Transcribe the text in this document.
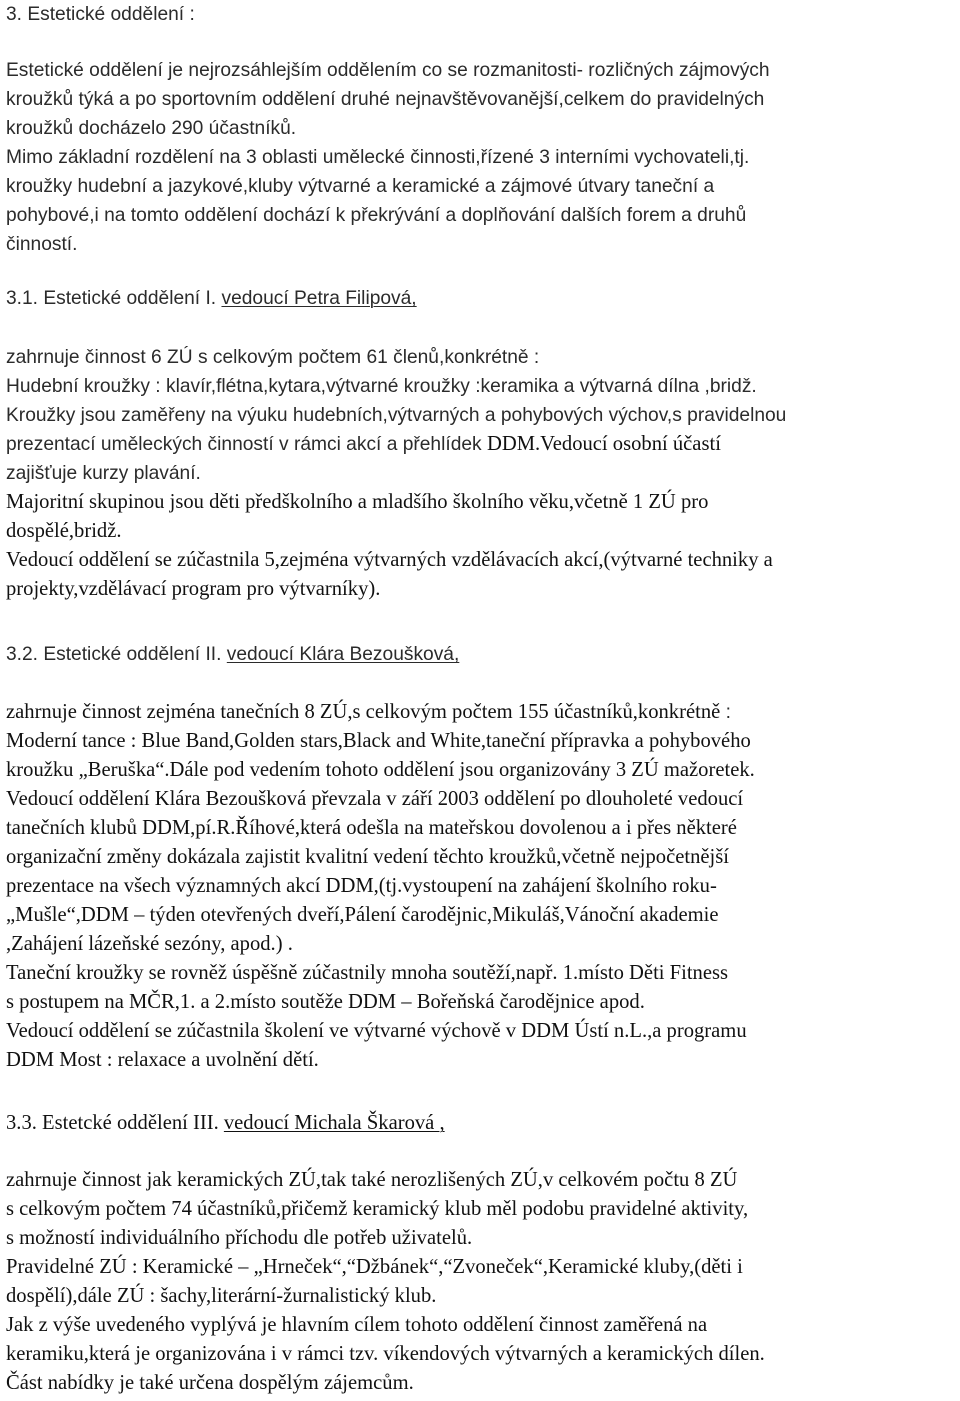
3. Estetické oddělení :
Estetické oddělení je nejrozsáhlejším oddělením co se rozmanitosti- rozličných zájmových
kroužků týká a po sportovním oddělení druhé nejnavštěvovanější,celkem do pravidelných
kroužků docházelo 290 účastníků.
Mimo základní rozdělení na 3 oblasti umělecké činnosti,řízené 3 interními vychovateli,tj.
kroužky hudební a jazykové,kluby výtvarné a keramické a zájmové útvary taneční a
pohybové,i na tomto oddělení dochází k překrývání a doplňování dalších forem a druhů
činností.
3.1. Estetické oddělení I. vedoucí Petra Filipová,
zahrnuje činnost 6 ZÚ s celkovým počtem 61 členů,konkrétně :
Hudební kroužky : klavír,flétna,kytara,výtvarné kroužky :keramika a výtvarná dílna ,bridž.
Kroužky jsou zaměřeny na výuku hudebních,výtvarných a pohybových výchov,s pravidelnou
prezentací uměleckých činností v rámci akcí a přehlídek DDM.Vedoucí osobní účastí
zajišťuje kurzy plavání.
Majoritní skupinou jsou děti předškolního a mladšího školního věku,včetně 1 ZÚ pro
dospělé,bridž.
Vedoucí oddělení se zúčastnila 5,zejména výtvarných vzdělávacích akcí,(výtvarné techniky a
projekty,vzdělávací program pro výtvarníky).
3.2. Estetické oddělení II. vedoucí Klára Bezoušková,
zahrnuje činnost zejména tanečních 8 ZÚ,s celkovým počtem 155 účastníků,konkrétně :
Moderní tance : Blue Band,Golden stars,Black and White,taneční přípravka a pohybového
kroužku „Beruška“.Dále pod vedením tohoto oddělení jsou organizovány 3 ZÚ mažoretek.
Vedoucí oddělení Klára Bezoušková převzala v září 2003 oddělení po dlouholeté vedoucí
tanečních klubů DDM,pí.R.Říhové,která odešla na mateřskou dovolenou a i přes některé
organizační změny dokázala zajistit kvalitní vedení těchto kroužků,včetně nejpočetnější
prezentace na všech významných akcí DDM,(tj.vystoupení na zahájení školního roku-
„Mušle“,DDM – týden otevřených dveří,Pálení čarodějnic,Mikuláš,Vánoční akademie
,Zahájení lázeňské sezóny, apod.) .
Taneční kroužky se rovněž úspěšně zúčastnily mnoha soutěží,např. 1.místo Děti Fitness
s postupem na MČR,1. a 2.místo soutěže DDM – Bořeňská čarodějnice apod.
Vedoucí oddělení se zúčastnila školení ve výtvarné výchově v DDM Ústí n.L.,a programu
DDM Most : relaxace a uvolnění dětí.
3.3. Estetcké oddělení III. vedoucí Michala Škarová ,
zahrnuje činnost jak keramických ZÚ,tak také nerozlišených ZÚ,v celkovém počtu 8 ZÚ
s celkovým počtem 74 účastníků,přičemž keramický klub měl podobu pravidelné aktivity,
s možností individuálního příchodu dle potřeb uživatelů.
Pravidelné ZÚ : Keramické – „Hrneček“,“Džbánek“,“Zvoneček“,Keramické kluby,(děti i
dospělí),dále ZÚ : šachy,literární-žurnalistický klub.
Jak z výše uvedeného vyplývá je hlavním cílem tohoto oddělení činnost zaměřená na
keramiku,která je organizována i v rámci tzv. víkendových výtvarných a keramických dílen.
Část nabídky je také určena dospělým zájemcům.
